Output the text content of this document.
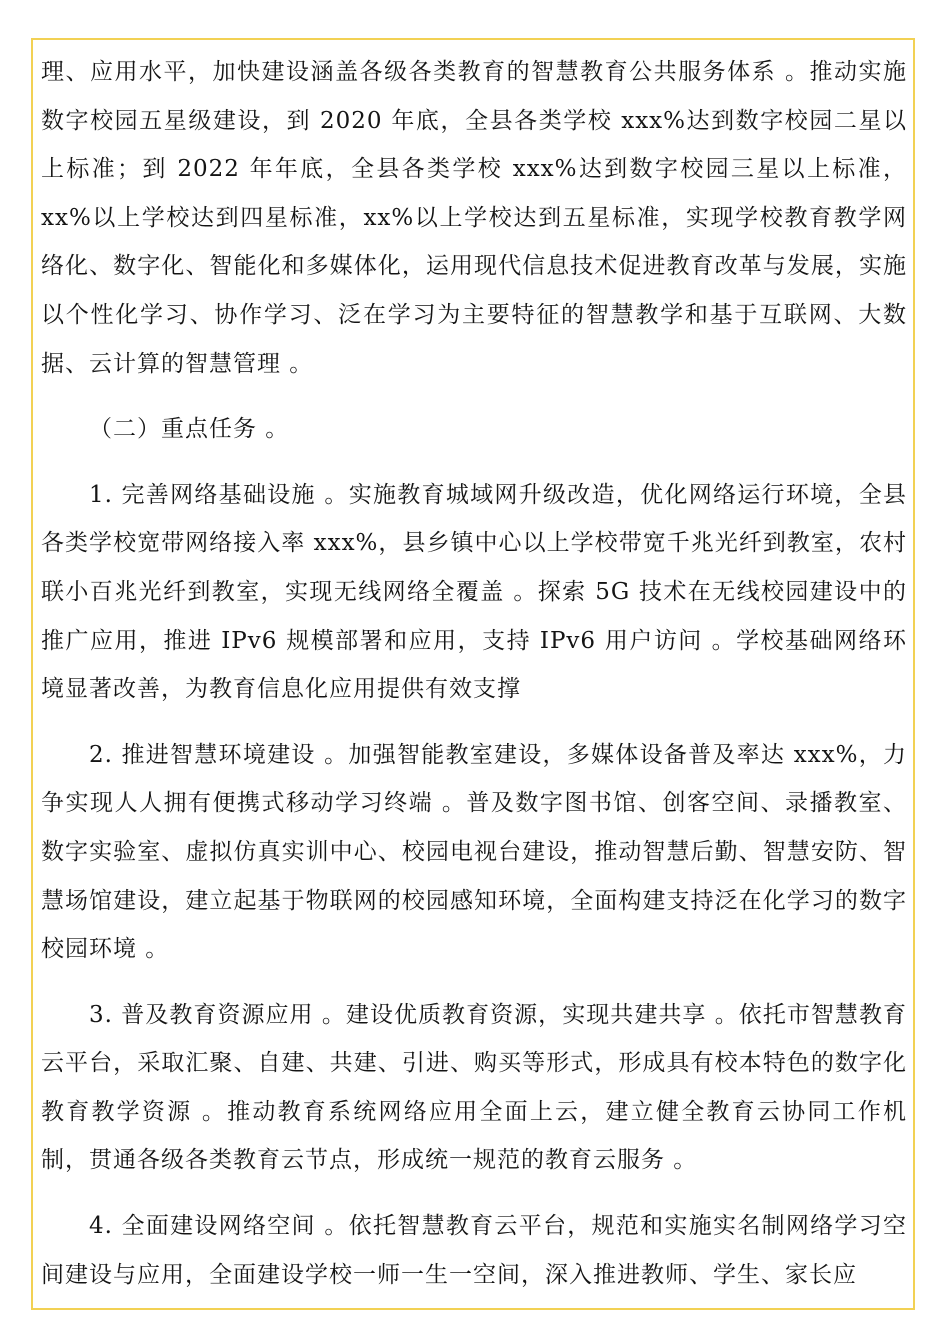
理、应用水平，加快建设涵盖各级各类教育的智慧教育公共服务体系 。推动实施数字校园五星级建设，到 2020 年底，全县各类学校 xxx%达到数字校园二星以上标准；到 2022 年年底，全县各类学校 xxx%达到数字校园三星以上标准，xx%以上学校达到四星标准，xx%以上学校达到五星标准，实现学校教育教学网络化、数字化、智能化和多媒体化，运用现代信息技术促进教育改革与发展，实施以个性化学习、协作学习、泛在学习为主要特征的智慧教学和基于互联网、大数据、云计算的智慧管理 。

（二）重点任务 。

1. 完善网络基础设施 。实施教育城域网升级改造，优化网络运行环境，全县各类学校宽带网络接入率 xxx%，县乡镇中心以上学校带宽千兆光纤到教室，农村联小百兆光纤到教室，实现无线网络全覆盖 。探索 5G 技术在无线校园建设中的推广应用，推进 IPv6 规模部署和应用，支持 IPv6 用户访问 。学校基础网络环境显著改善，为教育信息化应用提供有效支撑

2. 推进智慧环境建设 。加强智能教室建设，多媒体设备普及率达 xxx%，力争实现人人拥有便携式移动学习终端 。普及数字图书馆、创客空间、录播教室、数字实验室、虚拟仿真实训中心、校园电视台建设，推动智慧后勤、智慧安防、智慧场馆建设，建立起基于物联网的校园感知环境，全面构建支持泛在化学习的数字校园环境 。

3. 普及教育资源应用 。建设优质教育资源，实现共建共享 。依托市智慧教育云平台，采取汇聚、自建、共建、引进、购买等形式，形成具有校本特色的数字化教育教学资源 。推动教育系统网络应用全面上云，建立健全教育云协同工作机制，贯通各级各类教育云节点，形成统一规范的教育云服务 。

4. 全面建设网络空间 。依托智慧教育云平台，规范和实施实名制网络学习空间建设与应用，全面建设学校一师一生一空间，深入推进教师、学生、家长应
